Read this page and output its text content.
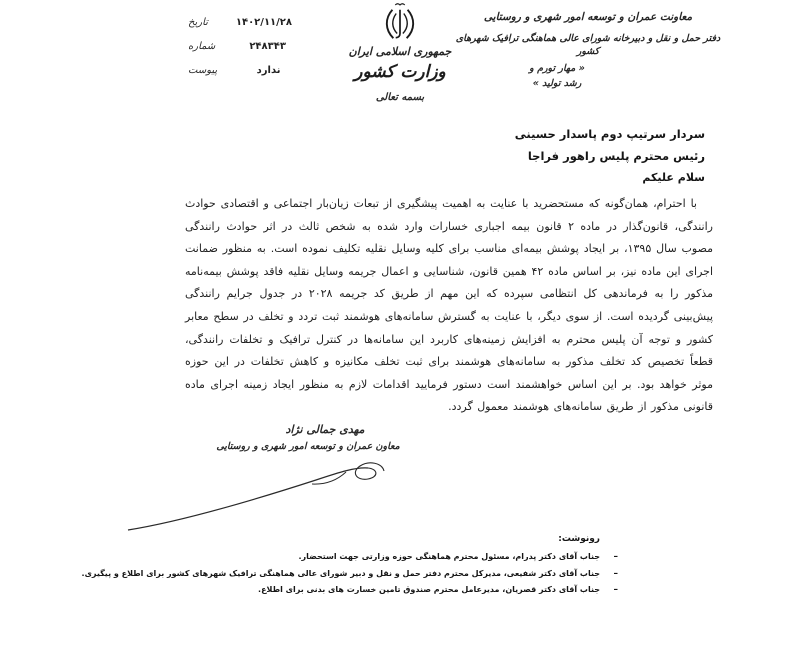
۱۴۰۲/۱۱/۲۸
تاریخ
۲۴۸۳۴۳
شماره
ندارد
پیوست
جمهوری اسلامی ایران
وزارت کشور
بسمه تعالی
معاونت عمران و توسعه امور شهری و روستایی
دفتر حمل و نقل و دبیرخانه شورای عالی هماهنگی ترافیک شهرهای کشور
« مهار تورم و
رشد تولید »
سردار سرتیپ دوم پاسدار حسینی
رئیس محترم پلیس راهور فراجا
سلام علیکم
با احترام، همان‌گونه که مستحضرید با عنایت به اهمیت پیشگیری از تبعات زیان‌بار اجتماعی و اقتصادی حوادث رانندگی، قانون‌گذار در ماده ۲ قانون بیمه اجباری خسارات وارد شده به شخص ثالث در اثر حوادث رانندگی مصوب سال ۱۳۹۵، بر ایجاد پوشش بیمه‌ای مناسب برای کلیه وسایل نقلیه تکلیف نموده است. به منظور ضمانت اجرای این ماده نیز، بر اساس ماده ۴۲ همین قانون، شناسایی و اعمال جریمه وسایل نقلیه فاقد پوشش بیمه‌نامه مذکور را به فرماندهی کل انتظامی سپرده که این مهم از طریق کد جریمه ۲۰۲۸ در جدول جرایم رانندگی پیش‌بینی گردیده است. از سوی دیگر، با عنایت به گسترش سامانه‌های هوشمند ثبت تردد و تخلف در سطح معابر کشور و توجه آن پلیس محترم به افزایش زمینه‌های کاربرد این سامانه‌ها در کنترل ترافیک و تخلفات رانندگی، قطعاً تخصیص کد تخلف مذکور به سامانه‌های هوشمند برای ثبت تخلف مکانیزه و کاهش تخلفات در این حوزه موثر خواهد بود. بر این اساس خواهشمند است دستور فرمایید اقدامات لازم به منظور ایجاد زمینه اجرای ماده قانونی مذکور از طریق سامانه‌های هوشمند معمول گردد.
مهدی جمالی نژاد
معاون عمران و توسعه امور شهری و روستایی
رونوشت:
–
جناب آقای دکتر پدرام، مسئول محترم هماهنگی حوزه وزارتی جهت استحضار.
–
جناب آقای دکتر شفیعی، مدیرکل محترم دفتر حمل و نقل و دبیر شورای عالی هماهنگی ترافیک شهرهای کشور برای اطلاع و پیگیری.
–
جناب آقای دکتر قصریان، مدیرعامل محترم صندوق تامین خسارت های بدنی برای اطلاع.
